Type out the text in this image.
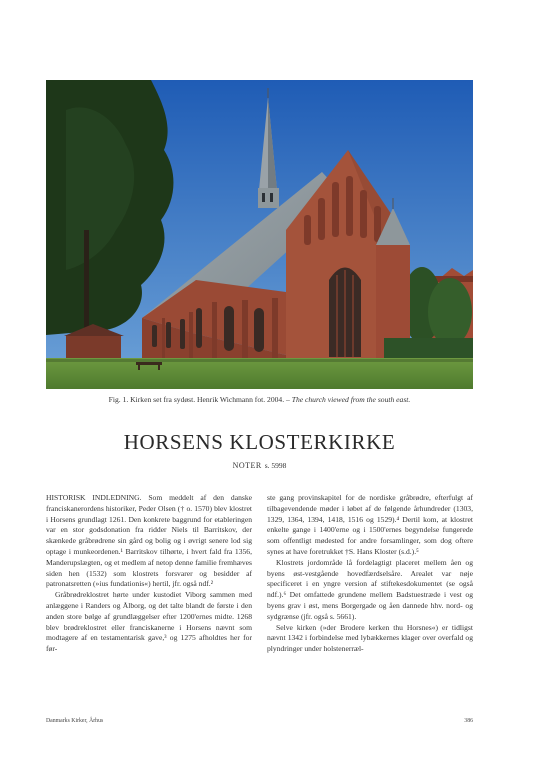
Fig. 1. Kirken set fra sydøst. Henrik Wichmann fot. 2004. – The church viewed from the south east.
HORSENS KLOSTERKIRKE
NOTER s. 5998

HISTORISK INDLEDNING. Som meddelt af den danske franciskanerordens historiker, Peder Olsen († o. 1570) blev klostret i Horsens grundlagt 1261. Den konkrete baggrund for etableringen var en stor godsdonation fra ridder Niels til Barritskov, der skænkede gråbrødrene sin gård og bolig og i øvrigt senere lod sig optage i munkeordenen.¹ Barritskov tilhørte, i hvert fald fra 1356, Manderupslægten, og et medlem af netop denne familie fremhæves siden hen (1532) som klostrets forsvarer og besidder af patronatsretten (»ius fundationis«) hertil, jfr. også ndf.²

Gråbrødreklostret hørte under kustodiet Viborg sammen med anlæggene i Randers og Ålborg, og det talte blandt de første i den anden store bølge af grundlæggelser efter 1200'ernes midte. 1268 blev brødreklostret eller franciskanerne i Horsens nævnt som modtagere af en testamentarisk gave,³ og 1275 afholdtes her for før-

ste gang provinskapitel for de nordiske gråbrødre, efterfulgt af tilbagevendende møder i løbet af de følgende århundreder (1303, 1329, 1364, 1394, 1418, 1516 og 1529).⁴ Dertil kom, at klostret enkelte gange i 1400'erne og i 1500'ernes begyndelse fungerede som offentligt mødested for andre forsamlinger, som dog oftere synes at have foretrukket †S. Hans Kloster (s.d.).⁵

Klostrets jordområde lå fordelagtigt placeret mellem åen og byens øst-vestgående hovedfærdselsåre. Arealet var nøje specificeret i en yngre version af stiftekesdokumentet (se også ndf.).⁶ Det omfattede grundene mellem Badstuestræde i vest og byens grav i øst, mens Borgergade og åen dannede hhv. nord- og sydgrænse (jfr. også s. 5661).

Selve kirken (»der Brodere kerken thu Horsnes«) er tidligst nævnt 1342 i forbindelse med lybækkernes klager over overfald og plyndringer under holstenerræl-

Danmarks Kirker, Århus	386
